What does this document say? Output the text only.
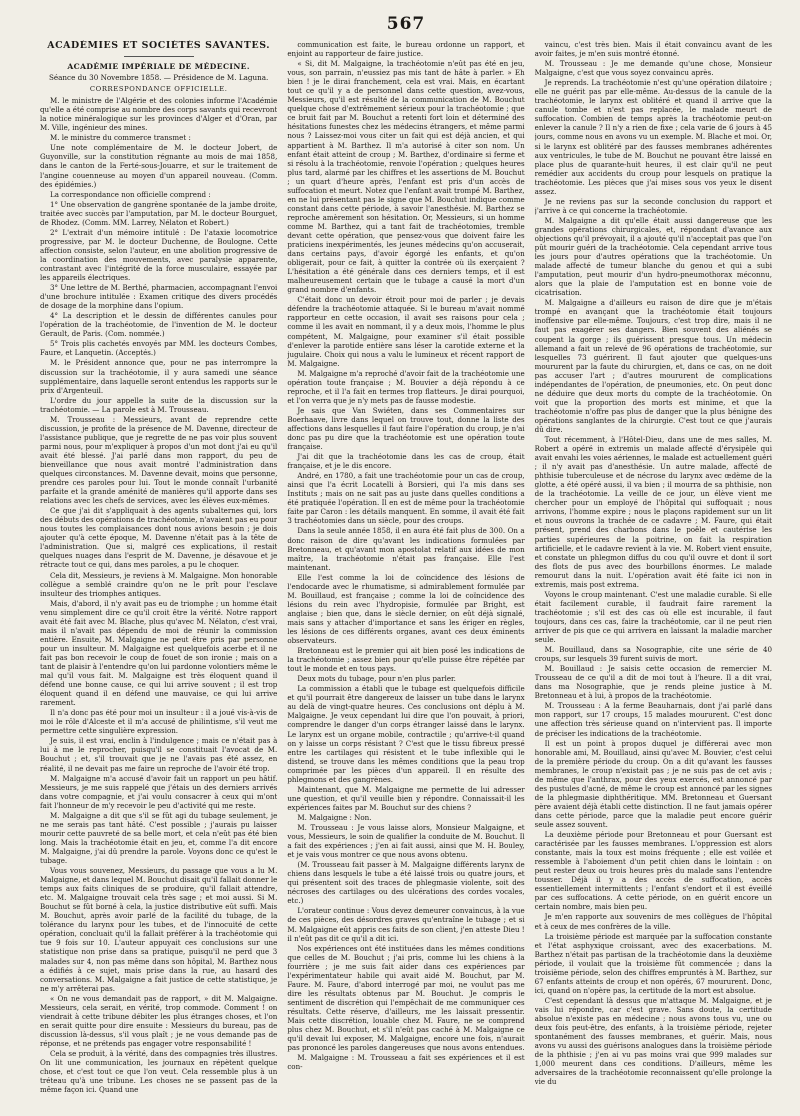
567
ACADÉMIES ET SOCIÉTÉS SAVANTES.
ACADÉMIE IMPÉRIALE DE MÉDECINE.
Séance du 30 Novembre 1858. — Présidence de M. Laguna.
CORRESPONDANCE OFFICIELLE.

M. le ministre de l'Algérie et des colonies informe l'Académie qu'elle a été comprise au nombre des corps savants qui recevront la notice minéralogique sur les provinces d'Alger et d'Oran, par M. Ville, ingénieur des mines.

M. le ministre du commerce transmet :

Une note complémentaire de M. le docteur Jobert, de Guyonville, sur la constitution régnante au mois de mai 1858, dans le canton de la Ferté-sous-Jouarre, et sur le traitement de l'angine couenneuse au moyen d'un appareil nouveau. (Comm. des épidémies.)

La correspondance non officielle comprend :

1° Une observation de gangrène spontanée de la jambe droite, traitée avec succès par l'amputation, par M. le docteur Bourguet, de Rhodez. (Comm. MM. Larrey, Nélaton et Robert.)

2° L'extrait d'un mémoire intitulé : De l'ataxie locomotrice progressive, par M. le docteur Duchenne, de Boulogne. Cette affection consiste, selon l'auteur, en une abolition progressive de la coordination des mouvements, avec paralysie apparente, contrastant avec l'intégrité de la force musculaire, essayée par les appareils électriques.

3° Une lettre de M. Berthé, pharmacien, accompagnant l'envoi d'une brochure intitulée : Examen critique des divers procédés de dosage de la morphine dans l'opium.

4° La description et le dessin de différentes canules pour l'opération de la trachéotomie, de l'invention de M. le docteur Gerault, de Paris. (Com. nommée.)

5° Trois plis cachetés envoyés par MM. les docteurs Combes, Faure, et Lanquetin. (Acceptés.)

M. le Président annonce que, pour ne pas interrompre la discussion sur la trachéotomie, il y aura samedi une séance supplémentaire, dans laquelle seront entendus les rapports sur le prix d'Argenteuil.

L'ordre du jour appelle la suite de la discussion sur la trachéotomie. — La parole est à M. Trousseau.

M. Trousseau : Messieurs, avant de reprendre cette discussion, je profite de la présence de M. Davenne, directeur de l'assistance publique, que je regrette de ne pas voir plus souvent parmi nous, pour m'expliquer à propos d'un mot dont j'ai eu qu'il avait été blessé. J'ai parlé dans mon rapport, du peu de bienveillance que nous avait montré l'administration dans quelques circonstances. M. Davenne devait, moins que personne, prendre ces paroles pour lui. Tout le monde connaît l'urbanité parfaite et la grande aménité de manières qu'il apporte dans ses relations avec les chefs de services, avec les élèves eux-mêmes.

Ce que j'ai dit s'appliquait à des agents subalternes qui, lors des débuts des opérations de trachéotomie, n'avaient pas eu pour nous toutes les complaisances dont nous avions besoin ; je dois ajouter qu'à cette époque, M. Davenne n'était pas à la tête de l'administration. Que si, malgré ces explications, il restait quelques nuages dans l'esprit de M. Davenne, je désavoue et je rétracte tout ce qui, dans mes paroles, a pu le choquer.

Cela dit, Messieurs, je reviens à M. Malgaigne. Mon honorable collègue a semblé craindre qu'on ne le prît pour l'esclave insulteur des triomphes antiques.

Mais, d'abord, il n'y avait pas eu de triomphe ; un homme était venu simplement dire ce qu'il croit être la vérité. Notre rapport avait été fait avec M. Blache, plus qu'avec M. Nélaton, c'est vrai, mais il n'avait pas dépendu de moi de réunir la commission entière. Ensuite, M. Malgaigne ne peut être pris par personne pour un insulteur. M. Malgaigne est quelquefois acerbe et il ne fait pas bon recevoir le coup de fouet de son ironie ; mais on a tant de plaisir à l'entendre qu'on lui pardonne volontiers même le mal qu'il vous fait. M. Malgaigne est très éloquent quand il défend une bonne cause, ce qui lui arrive souvent ; il est trop éloquent quand il en défend une mauvaise, ce qui lui arrive rarement.

Il n'a donc pas été pour moi un insulteur : il a joué vis-à-vis de moi le rôle d'Alceste et il m'a accusé de philintisme, s'il veut me permettre cette singulière expression.

Je suis, il est vrai, enclin à l'indulgence ; mais ce n'était pas à lui à me le reprocher, puisqu'il se constituait l'avocat de M. Bouchut ; et, s'il trouvait que je ne l'avais pas été assez, en réalité, il ne devait pas me faire un reproche de l'avoir été trop.

M. Malgaigne m'a accusé d'avoir fait un rapport un peu hâtif. Messieurs, je me suis rappelé que j'étais un des derniers arrivés dans votre compagnie, et j'ai voulu consacrer à ceux qui m'ont fait l'honneur de m'y recevoir le peu d'activité qui me reste.

M. Malgaigne a dit que s'il se fût agi du tubage seulement, je ne me serais pas tant hâté. C'est possible ; j'aurais pu laisser mourir cette pauvreté de sa belle mort, et cela n'eût pas été bien long. Mais la trachéotomie était en jeu, et, comme l'a dit encore M. Malgaigne, j'ai dû prendre la parole. Voyons donc ce qu'est le tubage.

Vous vous souvenez, Messieurs, du passage que vous a lu M. Malgaigne, et dans lequel M. Bouchut disait qu'il fallait donner le temps aux faits cliniques de se produire, qu'il fallait attendre, etc. M. Malgaigne trouvait cela très sage ; et moi aussi. Si M. Bouchut se fût borné à cela, la justice distributive eût suffi. Mais M. Bouchut, après avoir parlé de la facilité du tubage, de la tolérance du larynx pour les tubes, et de l'innocuité de cette opération, concluait qu'il la fallait préférer à la trachéotomie qui tue 9 fois sur 10. L'auteur appuyait ces conclusions sur une statistique non prise dans sa pratique, puisqu'il ne perd que 3 malades sur 4, non pas même dans son hôpital, M. Barthez nous a édifiés à ce sujet, mais prise dans la rue, au hasard des conversations. M. Malgaigne a fait justice de cette statistique, je ne m'y arrêterai pas.

« On ne vous demandait pas de rapport, » dit M. Malgaigne. Messieurs, cela serait, en vérité, trop commode. Comment ! on viendrait à cette tribune débiter les plus étranges choses, et l'on en serait quitte pour dire ensuite : Messieurs du bureau, pas de discussion là-dessus, s'il vous plaît ; je ne vous demande pas de réponse, et ne prétends pas engager votre responsabilité !

Cela se produit, à la vérité, dans des compagnies très illustres. On lit une communication, les journaux en répètent quelque chose, et c'est tout ce que l'on veut. Cela ressemble plus à un tréteau qu'à une tribune. Les choses ne se passent pas de la même façon ici. Quand une

communication est faite, le bureau ordonne un rapport, et enjoint au rapporteur de faire justice.

« Si, dit M. Malgaigne, la trachéotomie n'eût pas été en jeu, vous, son parrain, n'eussiez pas mis tant de hâte à parler. » Eh bien ! je le dirai franchement, cela est vrai. Mais, en écartant tout ce qu'il y a de personnel dans cette question, avez-vous, Messieurs, qu'il est résulté de la communication de M. Bouchut quelque chose d'extrêmement sérieux pour la trachéotomie ; que ce bruit fait par M. Bouchut a retenti fort loin et déterminé des hésitations funestes chez les médecins étrangers, et même parmi nous ? Laissez-moi vous citer un fait qui est déjà ancien, et qui appartient à M. Barthez. Il m'a autorisé à citer son nom. Un enfant était atteint de croup ; M. Barthez, d'ordinaire si ferme et si résolu à la trachéotomie, renvoie l'opération ; quelques heures plus tard, alarmé par les chiffres et les assertions de M. Bouchut ; un quart d'heure après, l'enfant est pris d'un accès de suffocation et meurt. Notez que l'enfant avait trompé M. Barthez, en ne lui présentant pas le signe que M. Bouchut indique comme constant dans cette période, à savoir l'anesthésie. M. Barthez se reproche amèrement son hésitation. Or, Messieurs, si un homme comme M. Barthez, qui a tant fait de trachéotomies, tremble devant cette opération, que pensez-vous que doivent faire les praticiens inexpérimentés, les jeunes médecins qu'on accuserait, dans certains pays, d'avoir égorgé les enfants, et qu'on obligerait, pour ce fait, à quitter la contrée où ils exerçaient ? L'hésitation a été générale dans ces derniers temps, et il est malheureusement certain que le tubage a causé la mort d'un grand nombre d'enfants.

C'était donc un devoir étroit pour moi de parler ; je devais défendre la trachéotomie attaquée. Si le bureau m'avait nommé rapporteur en cette occasion, il avait ses raisons pour cela ; comme il les avait en nommant, il y a deux mois, l'homme le plus compétent, M. Malgaigne, pour examiner s'il était possible d'enlever la parotide entière sans léser la carotide externe et la jugulaire. Choix qui nous a valu le lumineux et récent rapport de M. Malgaigne.

M. Malgaigne m'a reproché d'avoir fait de la trachéotomie une opération toute française ; M. Bouvier a déjà répondu à ce reproche, et il l'a fait en termes trop flatteurs. Je dirai pourquoi, et l'on verra que je n'y mets pas de fausse modestie.

Je sais que Van Swiéten, dans ses Commentaires sur Boerhaave, livre dans lequel on trouve tout, donne la liste des affections dans lesquelles il faut faire l'opération du croup, je n'ai donc pas pu dire que la trachéotomie est une opération toute française.

J'ai dit que la trachéotomie dans les cas de croup, était française, et je le dis encore.

André, en 1780, a fait une trachéotomie pour un cas de croup, ainsi que l'a écrit Locatelli à Borsieri, qui l'a mis dans ses Instituts ; mais on ne sait pas au juste dans quelles conditions a été pratiquée l'opération. Il en est de même pour la trachéotomie faite par Caron : les détails manquent. En somme, il avait été fait 3 trachéotomies dans un siècle, pour des croups.

Dans la seule année 1858, il en aura été fait plus de 300. On a donc raison de dire qu'avant les indications formulées par Bretonneau, et qu'avant mon apostolat relatif aux idées de mon maître, la trachéotomie n'était pas française. Elle l'est maintenant.

Elle l'est comme la loi de coïncidence des lésions de l'endocarde avec le rhumatisme, si admirablement formulée par M. Bouillaud, est française ; comme la loi de coïncidence des lésions du rein avec l'hydropisie, formulée par Bright, est anglaise ; bien que, dans le siècle dernier, on eût déjà signalé, mais sans y attacher d'importance et sans les ériger en règles, les lésions de ces différents organes, avant ces deux éminents observateurs.

Bretonneau est le premier qui ait bien posé les indications de la trachéotomie ; assez bien pour qu'elle puisse être répétée par tout le monde et en tous pays.

Deux mots du tubage, pour n'en plus parler.

La commission a établi que le tubage est quelquefois difficile et qu'il pourrait être dangereux de laisser un tube dans le larynx au delà de vingt-quatre heures. Ces conclusions ont déplu à M. Malgaigne. Je veux cependant lui dire que l'on pouvait, à priori, comprendre le danger d'un corps étranger laissé dans le larynx. Le larynx est un organe mobile, contractile ; qu'arrive-t-il quand on y laisse un corps résistant ? C'est que le tissu fibreux pressé entre les cartilages qui résistent et le tube inflexible qui le distend, se trouve dans les mêmes conditions que la peau trop comprimée par les pièces d'un appareil. Il en résulte des phlegmons et des gangrènes.

Maintenant, que M. Malgaigne me permette de lui adresser une question, et qu'il veuille bien y répondre. Connaissait-il les expériences faites par M. Bouchut sur des chiens ?

M. Malgaigne : Non.

M. Trousseau : Je vous laisse alors, Monsieur Malgaigne, et vous, Messieurs, le soin de qualifier la conduite de M. Bouchut. Il a fait des expériences ; j'en ai fait aussi, ainsi que M. H. Bouley, et je vais vous montrer ce que nous avons obtenu.

(M. Trousseau fait passer à M. Malgaigne différents larynx de chiens dans lesquels le tube a été laissé trois ou quatre jours, et qui présentent soit des traces de phlegmasie violente, soit des nécroses des cartilages ou des ulcérations des cordes vocales, etc.)

L'orateur continue : Vous devez demeurer convaincus, à la vue de ces pièces, des désordres graves qu'entraîne le tubage ; et si M. Malgaigne eût appris ces faits de son client, j'en atteste Dieu ! il n'eût pas dit ce qu'il a dit ici.

Nos expériences ont été instituées dans les mêmes conditions que celles de M. Bouchut ; j'ai pris, comme lui les chiens à la fourrière ; je me suis fait aider dans ces expériences par l'expérimentateur habile qui avait aidé M. Bouchut, par M. Faure. M. Faure, d'abord interrogé par moi, ne voulut pas me dire les résultats obtenus par M. Bouchut. Je compris le sentiment de discrétion qui l'empêchait de me communiquer ces résultats. Cette réserve, d'ailleurs, me les laissait pressentir. Mais cette discrétion, louable chez M. Faure, ne se comprend plus chez M. Bouchut, et s'il n'eût pas caché à M. Malgaigne ce qu'il devait lui exposer, M. Malgaigne, encore une fois, n'aurait pas prononcé les paroles dangereuses que nous avons entendues.

M. Malgaigne : M. Trousseau a fait ses expériences et il est con-

vaincu, c'est très bien. Mais il était convaincu avant de les avoir faites, je m'en suis montré étonné.

M. Trousseau : Je me demande qu'une chose, Monsieur Malgaigne, c'est que vous soyez convaincu après.

Je reprends. La trachéotomie n'est qu'une opération dilatoire ; elle ne guérit pas par elle-même. Au-dessus de la canule de la trachéotomie, le larynx est oblitéré et quand il arrive que la canule tombe et n'est pas replacée, le malade meurt de suffocation. Combien de temps après la trachéotomie peut-on enlever la canule ? Il n'y a rien de fixe ; cela varie de 6 jours à 45 jours, comme nous en avons vu un exemple. M. Blache et moi. Or, si le larynx est oblitéré par des fausses membranes adhérentes aux ventricules, le tube de M. Bouchut ne pouvant être laissé en place plus de quarante-huit heures, il est clair qu'il ne peut remédier aux accidents du croup pour lesquels on pratique la trachéotomie. Les pièces que j'ai mises sous vos yeux le disent assez.

Je ne reviens pas sur la seconde conclusion du rapport et j'arrive à ce qui concerne la trachéotomie.

M. Malgaigne a dit qu'elle était aussi dangereuse que les grandes opérations chirurgicales, et, répondant d'avance aux objections qu'il prévoyait, il a ajouté qu'il n'acceptait pas que l'on pût mourir guéri de la trachéotomie. Cela cependant arrive tous les jours pour d'autres opérations que la trachéotomie. Un malade affecté de tumeur blanche du genou et qui a subi l'amputation, peut mourir d'un hydro-pneumothorax méconnu, alors que la plaie de l'amputation est en bonne voie de cicatrisation.

M. Malgaigne a d'ailleurs eu raison de dire que je m'étais trompé en avançant que la trachéotomie était toujours inoffensive par elle-même. Toujours, c'est trop dire, mais il ne faut pas exagérer ses dangers. Bien souvent des aliénés se coupent la gorge ; ils guérissent presque tous. Un médecin allemand a fait un relevé de 96 opérations de trachéotomie, sur lesquelles 73 guérirent. Il faut ajouter que quelques-uns moururent par la faute du chirurgien, et, dans ce cas, on ne doit pas accuser l'art ; d'autres moururent de complications indépendantes de l'opération, de pneumonies, etc. On peut donc ne déduire que deux morts du compte de la trachéotomie. On voit que la proportion des morts est minime, et que la trachéotomie n'offre pas plus de danger que la plus bénigne des opérations sanglantes de la chirurgie. C'est tout ce que j'aurais dû dire.

Tout récemment, à l'Hôtel-Dieu, dans une de mes salles, M. Robert a opéré in extremis un malade affecté d'érysipèle qui avait envahi les voies aériennes, le malade est actuellement guéri ; il n'y avait pas d'anesthésie. Un autre malade, affecté de phthisie tuberculeuse et de nécrose du larynx avec œdème de la glotte, a été opéré aussi, il va bien ; il mourra de sa phthisie, non de la trachéotomie. La veille de ce jour, un élève vient me chercher pour un employé de l'hôpital qui suffoquait ; nous arrivons, l'homme expire ; nous le plaçons rapidement sur un lit et nous ouvrons la trachée de ce cadavre ; M. Faure, qui était présent, prend des charbons dans le poêle et cautérise les parties supérieures de la poitrine, on fait la respiration artificielle, et le cadavre revient à la vie. M. Robert vient ensuite, et constate un phlegmon diffus du cou qu'il ouvre et dont il sort des flots de pus avec des bourbillons énormes. Le malade remourut dans la nuit. L'opération avait été faite ici non in extremis, mais post extrema.

Voyons le croup maintenant. C'est une maladie curable. Si elle était facilement curable, il faudrait faire rarement la trachéotomie ; s'il est des cas où elle est incurable, il faut toujours, dans ces cas, faire la trachéotomie, car il ne peut rien arriver de pis que ce qui arrivera en laissant la maladie marcher seule.

M. Bouillaud, dans sa Nosographie, cite une série de 40 croups, sur lesquels 39 furent suivis de mort.

M. Bouillaud : Je saisis cette occasion de remercier M. Trousseau de ce qu'il a dit de moi tout à l'heure. Il a dit vrai, dans ma Nosographie, que je rends pleine justice à M. Bretonneau et à lui, à propos de la trachéotomie.

M. Trousseau : A la ferme Beauharnais, dont j'ai parlé dans mon rapport, sur 17 croups, 15 malades moururent. C'est donc une affection très sérieuse quand on n'intervient pas. Il importe de préciser les indications de la trachéotomie.

Il est un point à propos duquel je différerai avec mon honorable ami, M. Bouillaud, ainsi qu'avec M. Bouvier, c'est celui de la première période du croup. On a dit qu'avant les fausses membranes, le croup n'existait pas ; je ne suis pas de cet avis ; de même que l'anthrax, pour des yeux exercés, est annoncé par des pustules d'acné, de même le croup est annoncé par les signes de la phlegmasie diphthéritique. MM. Bretonneau et Guersant père avaient déjà établi cette distinction. Il ne faut jamais opérer dans cette période, parce que la maladie peut encore guérir seule assez souvent.

La deuxième période pour Bretonneau et pour Guersant est caractérisée par les fausses membranes. L'oppression est alors constante, mais la toux est moins fréquente ; elle est voilée et ressemble à l'aboiement d'un petit chien dans le lointain : on peut rester deux ou trois heures près du malade sans l'entendre tousser. Déjà il y a des accès de suffocation, accès essentiellement intermittents ; l'enfant s'endort et il est éveillé par ces suffocations. A cette période, on en guérit encore un certain nombre, mais bien peu.

Je m'en rapporte aux souvenirs de mes collègues de l'hôpital et à ceux de mes confrères de la ville.

La troisième période est marquée par la suffocation constante et l'état asphyxique croissant, avec des exacerbations. M. Barthez n'était pas partisan de la trachéotomie dans la deuxième période, il voulait que la troisième fût commencée ; dans la troisième période, selon des chiffres empruntés à M. Barthez, sur 67 enfants atteints de croup et non opérés, 67 moururent. Donc, ici, quand on n'opère pas, la certitude de la mort est absolue.

C'est cependant là dessus que m'attaque M. Malgaigne, et je vais lui répondre, car c'est grave. Sans doute, la certitude absolue n'existe pas en médecine ; nous avons tous vu, une ou deux fois peut-être, des enfants, à la troisième période, rejeter spontanément des fausses membranes, et guérir. Mais, nous avons vu aussi des guérisons analogues dans la troisième période de la phthisie ; j'en ai vu pas moins vrai que 999 malades sur 1,000 meurent dans ces conditions. D'ailleurs, même les adversaires de la trachéotomie reconnaissent qu'elle prolonge la vie du
